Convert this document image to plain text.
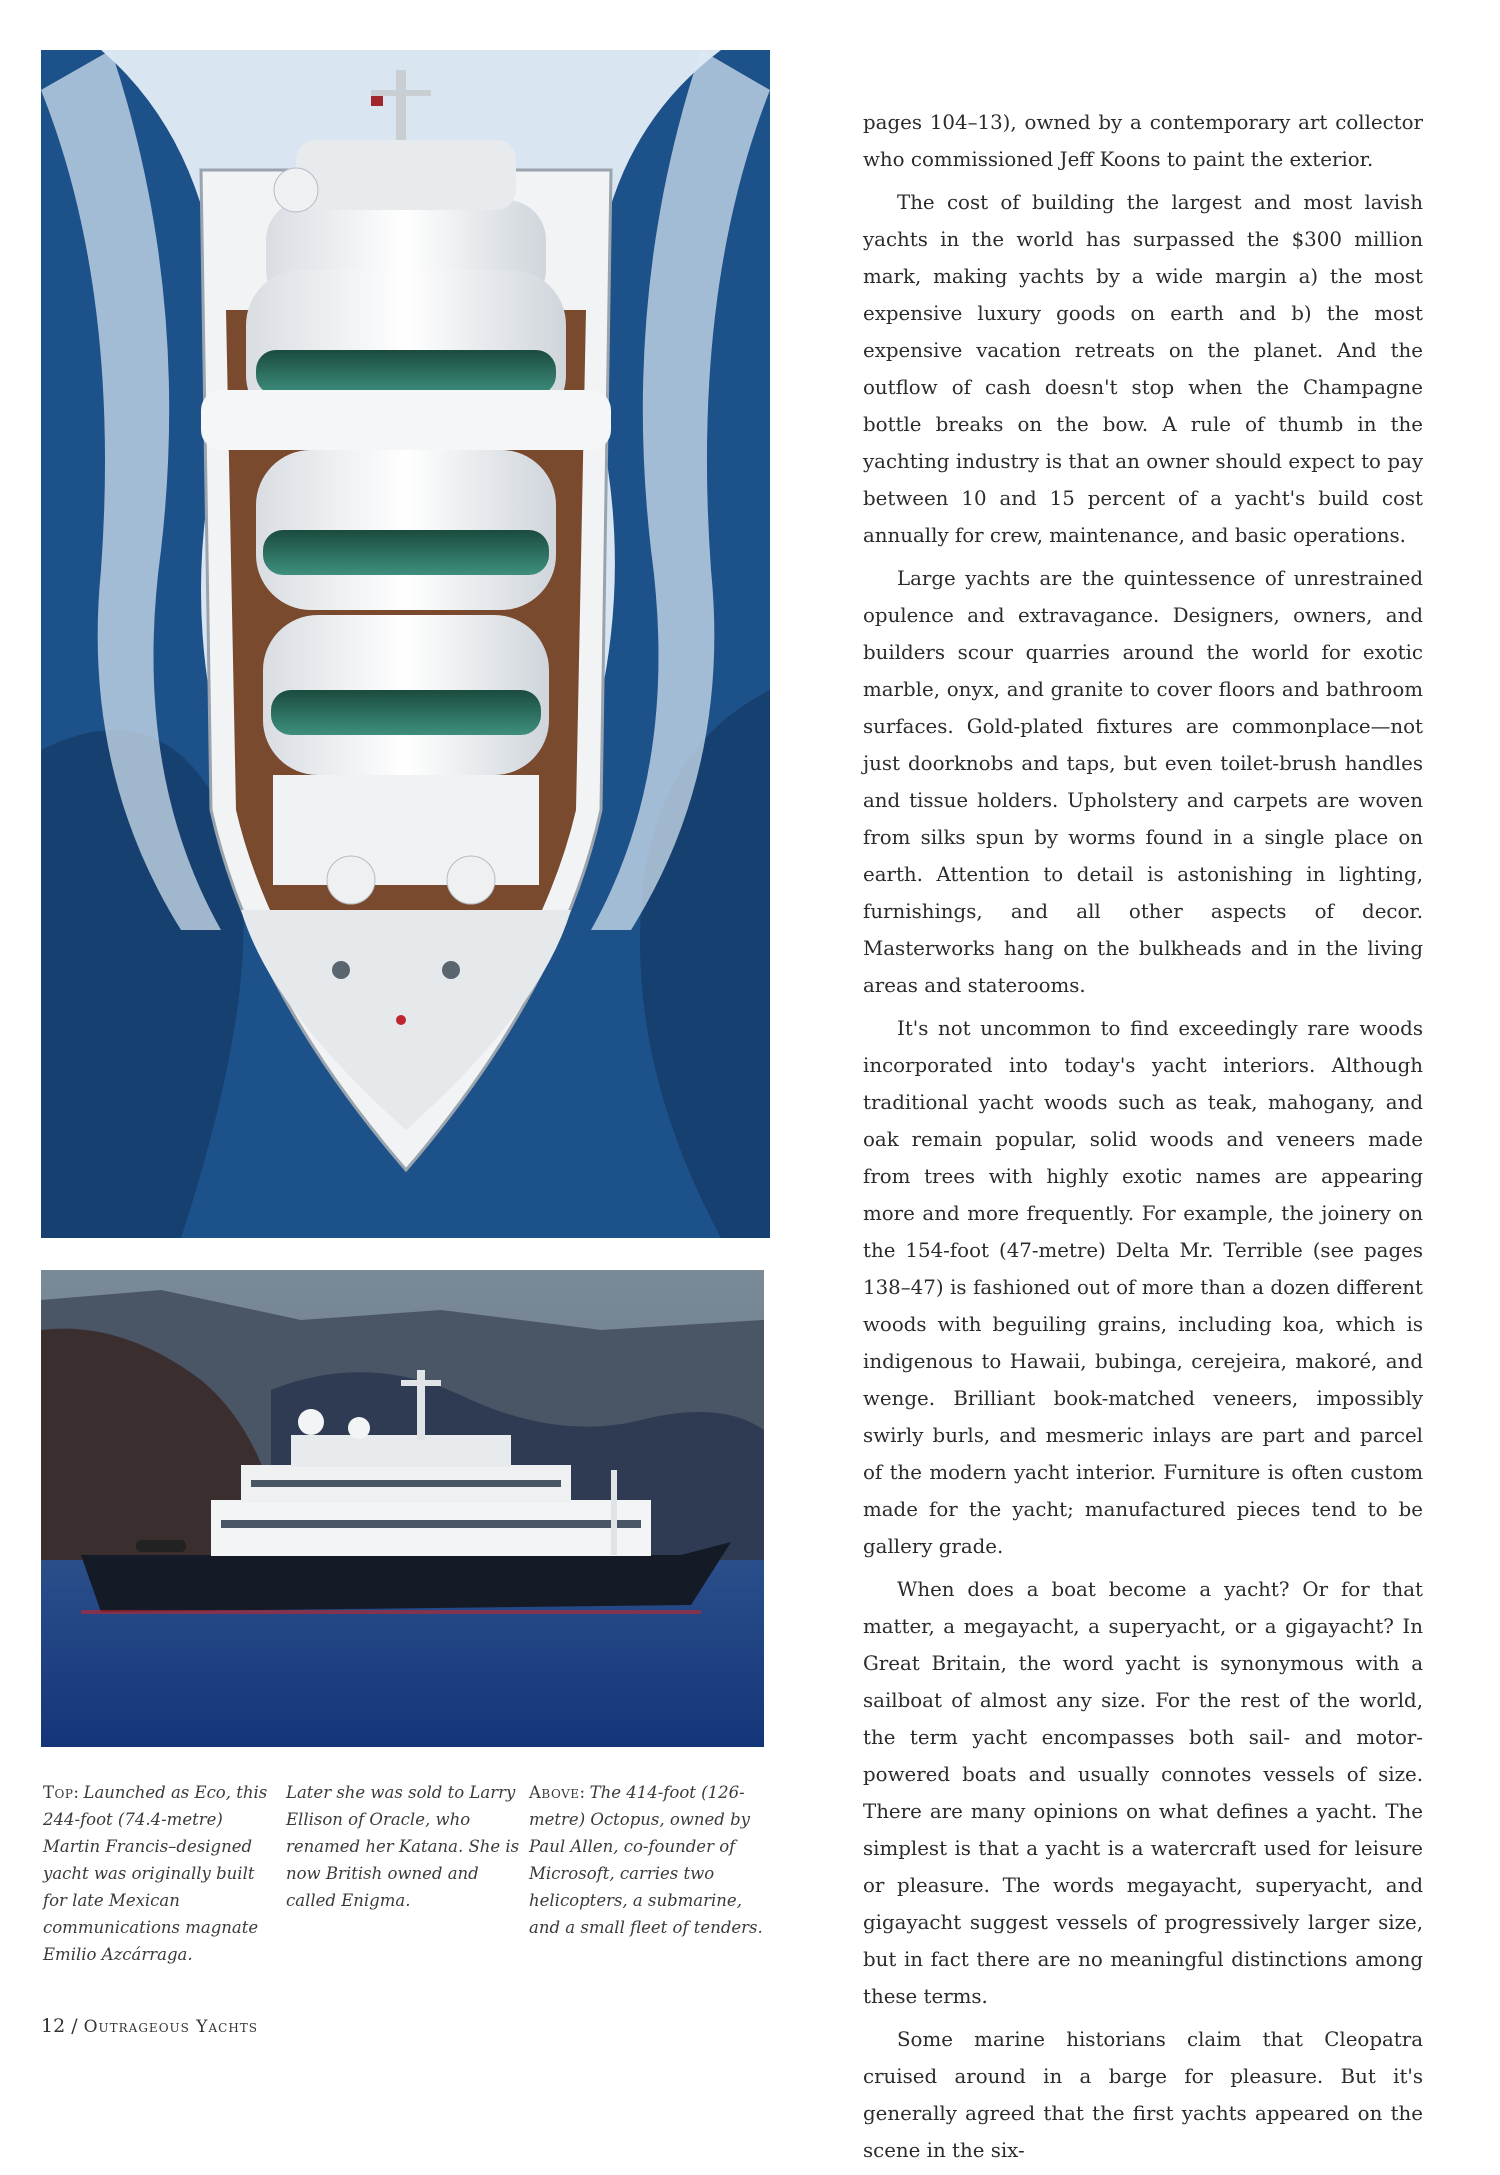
Top: Launched as Eco, this 244-foot (74.4-metre) Martin Francis–designed yacht was originally built for late Mexican communications magnate Emilio Azcárraga.

Later she was sold to Larry Ellison of Oracle, who renamed her Katana. She is now British owned and called Enigma.

Above: The 414-foot (126-metre) Octopus, owned by Paul Allen, co-founder of Microsoft, carries two helicopters, a submarine, and a small fleet of tenders.

12 / Outrageous Yachts

pages 104–13), owned by a contemporary art collector who commissioned Jeff Koons to paint the exterior.

The cost of building the largest and most lavish yachts in the world has surpassed the $300 million mark, making yachts by a wide margin a) the most expensive luxury goods on earth and b) the most expensive vacation retreats on the planet. And the outflow of cash doesn't stop when the Champagne bottle breaks on the bow. A rule of thumb in the yachting industry is that an owner should expect to pay between 10 and 15 percent of a yacht's build cost annually for crew, maintenance, and basic operations.

Large yachts are the quintessence of unrestrained opulence and extravagance. Designers, owners, and builders scour quarries around the world for exotic marble, onyx, and granite to cover floors and bathroom surfaces. Gold-plated fixtures are commonplace—not just doorknobs and taps, but even toilet-brush handles and tissue holders. Upholstery and carpets are woven from silks spun by worms found in a single place on earth. Attention to detail is astonishing in lighting, furnishings, and all other aspects of decor. Masterworks hang on the bulkheads and in the living areas and staterooms.

It's not uncommon to find exceedingly rare woods incorporated into today's yacht interiors. Although traditional yacht woods such as teak, mahogany, and oak remain popular, solid woods and veneers made from trees with highly exotic names are appearing more and more frequently. For example, the joinery on the 154-foot (47-metre) Delta Mr. Terrible (see pages 138–47) is fashioned out of more than a dozen different woods with beguiling grains, including koa, which is indigenous to Hawaii, bubinga, cerejeira, makoré, and wenge. Brilliant book-matched veneers, impossibly swirly burls, and mesmeric inlays are part and parcel of the modern yacht interior. Furniture is often custom made for the yacht; manufactured pieces tend to be gallery grade.

When does a boat become a yacht? Or for that matter, a megayacht, a superyacht, or a gigayacht? In Great Britain, the word yacht is synonymous with a sailboat of almost any size. For the rest of the world, the term yacht encompasses both sail- and motor-powered boats and usually connotes vessels of size. There are many opinions on what defines a yacht. The simplest is that a yacht is a watercraft used for leisure or pleasure. The words megayacht, superyacht, and gigayacht suggest vessels of progressively larger size, but in fact there are no meaningful distinctions among these terms.

Some marine historians claim that Cleopatra cruised around in a barge for pleasure. But it's generally agreed that the first yachts appeared on the scene in the six-
